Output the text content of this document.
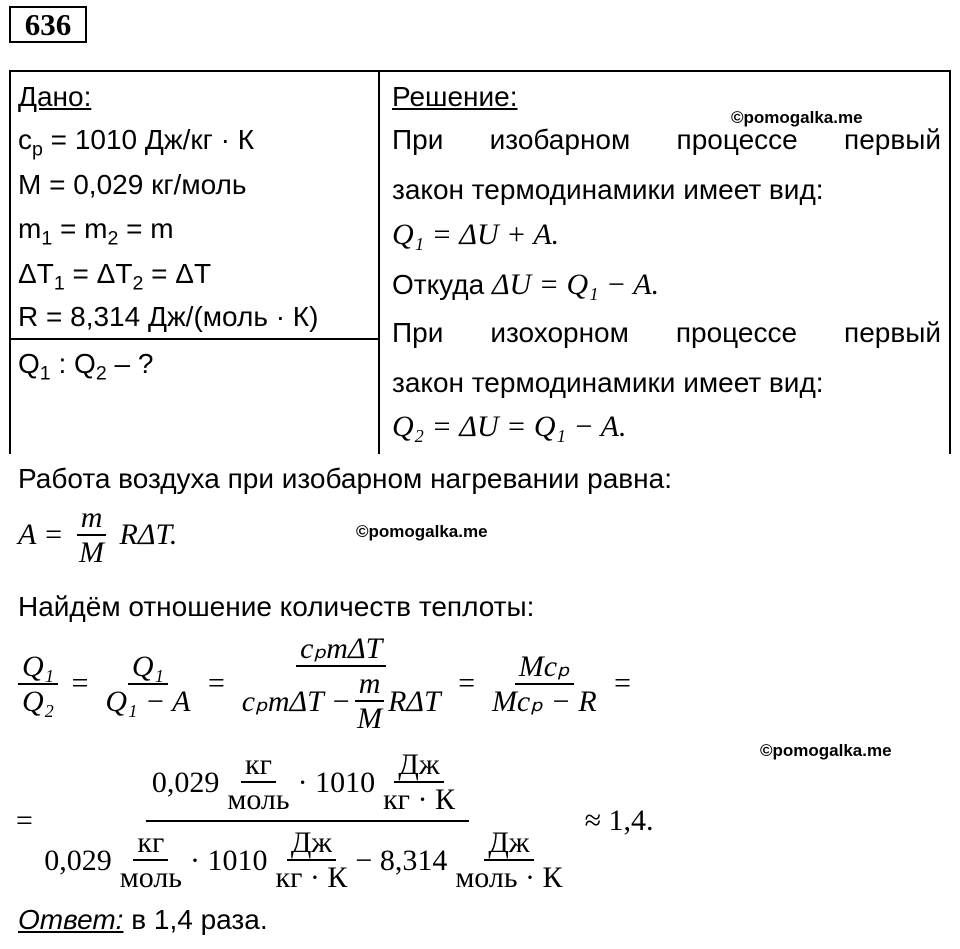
636
Дано:
$c_p = 1010$ Дж/кг · К
M = 0,029 кг/моль
$m_1 = m_2 = m$
$\Delta T_1 = \Delta T_2 = \Delta T$
R = 8,314 Дж/(моль · К)
$Q_1$ : $Q_2$ – ?
Решение:
©pomogalka.me
При изобарном процессе первый
закон термодинамики имеет вид:
Q₁ = ΔU + A.
Откуда ΔU = Q₁ − A.
При изохорном процессе первый
закон термодинамики имеет вид:
Q₂ = ΔU = Q₁ − A.
Работа воздуха при изобарном нагревании равна:
$A = \frac{m}{M} R\Delta T$.	©pomogalka.me
Найдём отношение количеств теплоты:
$\frac{\text{Q₁}}{\text{Q₂}} = \frac{\text{Q₁}}{\text{Q₁ − A}} = \frac{\text{cₚmΔT}}{c_pm\Delta T - \frac{m}{M} R\Delta T} = \frac{\text{Mcₚ}}{\text{Mcₚ − R}}$ =
©pomogalka.me
=
$0,029 \frac{кг}{\text{моль}}$ ·
$1010 \frac{Дж}{кг \cdot К}$
$0,029 \frac{кг}{\text{моль}}$ ·
$1010 \frac{Дж}{кг \cdot К}$ −
$8,314 \frac{Дж}{\text{моль · К}}$
≈ 1,4.
Ответ: в 1,4 раза.
